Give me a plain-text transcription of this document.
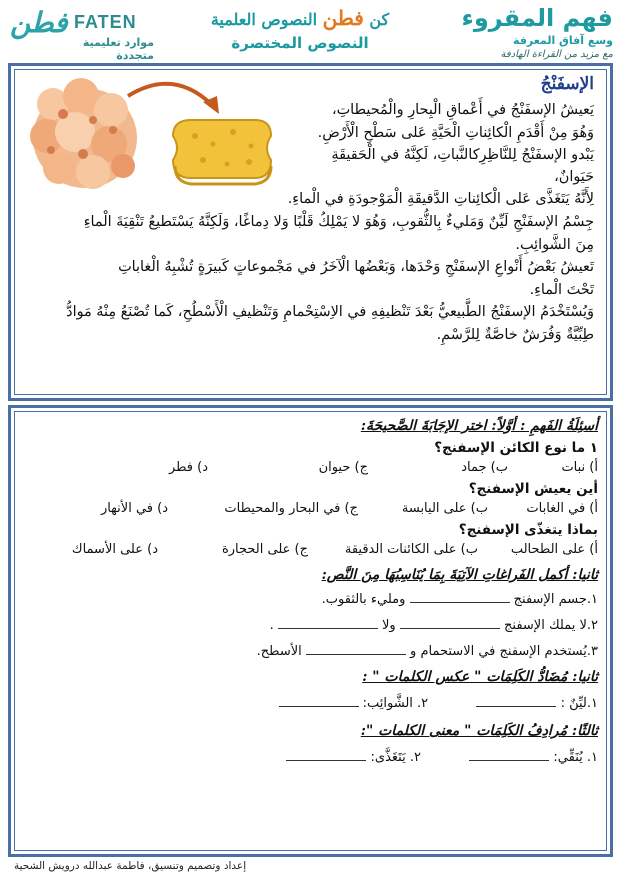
فطن FATEN
موارد تعليمية متجددة
كن فطن النصوص العلمية
النصوص المختصرة
فهم المقروء
وسع آفاق المعرفة
مع مزيد من القراءة الهادفة
الإسفَنْجُ

يَعيشُ الإسفَنْجُ في أَعْماقِ الْبِحارِ والْمُحيطاتِ،

وَهُوَ مِنْ أَقْدَمِ الْكائِناتِ الْحَيَّةِ عَلى سَطْحِ الْأَرْضِ.

يَبْدو الإسفَنْجُ لِلنَّاظِرِكالنَّباتِ، لَكِنَّهُ في الْحَقيقَةِ حَيَوانٌ،

لِأَنَّهُ يَتَغَذَّى عَلى الْكائِناتِ الدَّقيقَةِ الْمَوْجودَةِ في الْماءِ.

جِسْمُ الإسفَنْجِ لَيِّنٌ وَمَليءٌ بِالثُّقوبِ، وَهُوَ لا يَمْلِكُ قَلْبًا وَلا دِماغًا، وَلَكِنَّهُ يَسْتَطيعُ تَنْقِيَةَ الْماءِ

مِنَ الشَّوائِبِ.

تَعيشُ بَعْضُ أَنْواعِ الإسفَنْجِ وَحْدَها، وَبَعْضُها الْآخَرُ في مَجْموعاتٍ كَبيرَةٍ تُشْبِهُ الْغاباتِ

تَحْتَ الْماءِ.

وَيُسْتَخْدَمُ الإسفَنْجُ الطَّبيعيُّ بَعْدَ تَنْظيفِهِ في الاِسْتِحْمامِ وَتَنْظيفِ الْأَسْطُحِ، كَما تُصْنَعُ مِنْهُ مَوادُّ

طِبِّيَّةٌ وَفُرَشٌ خاصَّةٌ لِلرَّسْمِ.

أسئِلَةُ الفَهمِ : أوَّلاً: اختر الإجَابَةَ الصَّحيحَةَ:
١ ما نوع الكائن الإسفنج؟
أ) نبات
ب) جماد
ج) حيوان
د) فطر
أين يعيش الإسفنج؟
أ) في الغابات
ب) على اليابسة
ج) في البحار والمحيطات
د) في الأنهار
بماذا يتغذّى الإسفنج؟
أ) على الطحالب
ب) على الكائنات الدقيقة
ج) على الحجارة
د) على الأسماك
ثانيا: أكمل الفَراغاتِ الآتِيَةَ بِمَا يُنَاسِبُهَا مِنَ النَّص:
١.جسم الإسفنج  ومليء بالثقوب.
٢.لا يملك الإسفنج  ولا  .
٣.يُستخدم الإسفنج في الاستحمام و  الأسطح.
ثانيا: مُضَادُّ الكَلِمَات " عكس الكلمات " :
١.ليِّنٌ :   ٢. الشَّوائِب:
ثالثًا: مُرادِفُ الكَلِمَات " معنى الكلمات ":
١. يُنَقِّي:   ٢. يَتَغَذَّى:
إعداد وتصميم وتنسيق، فاطمة عبدالله درويش الشحية
